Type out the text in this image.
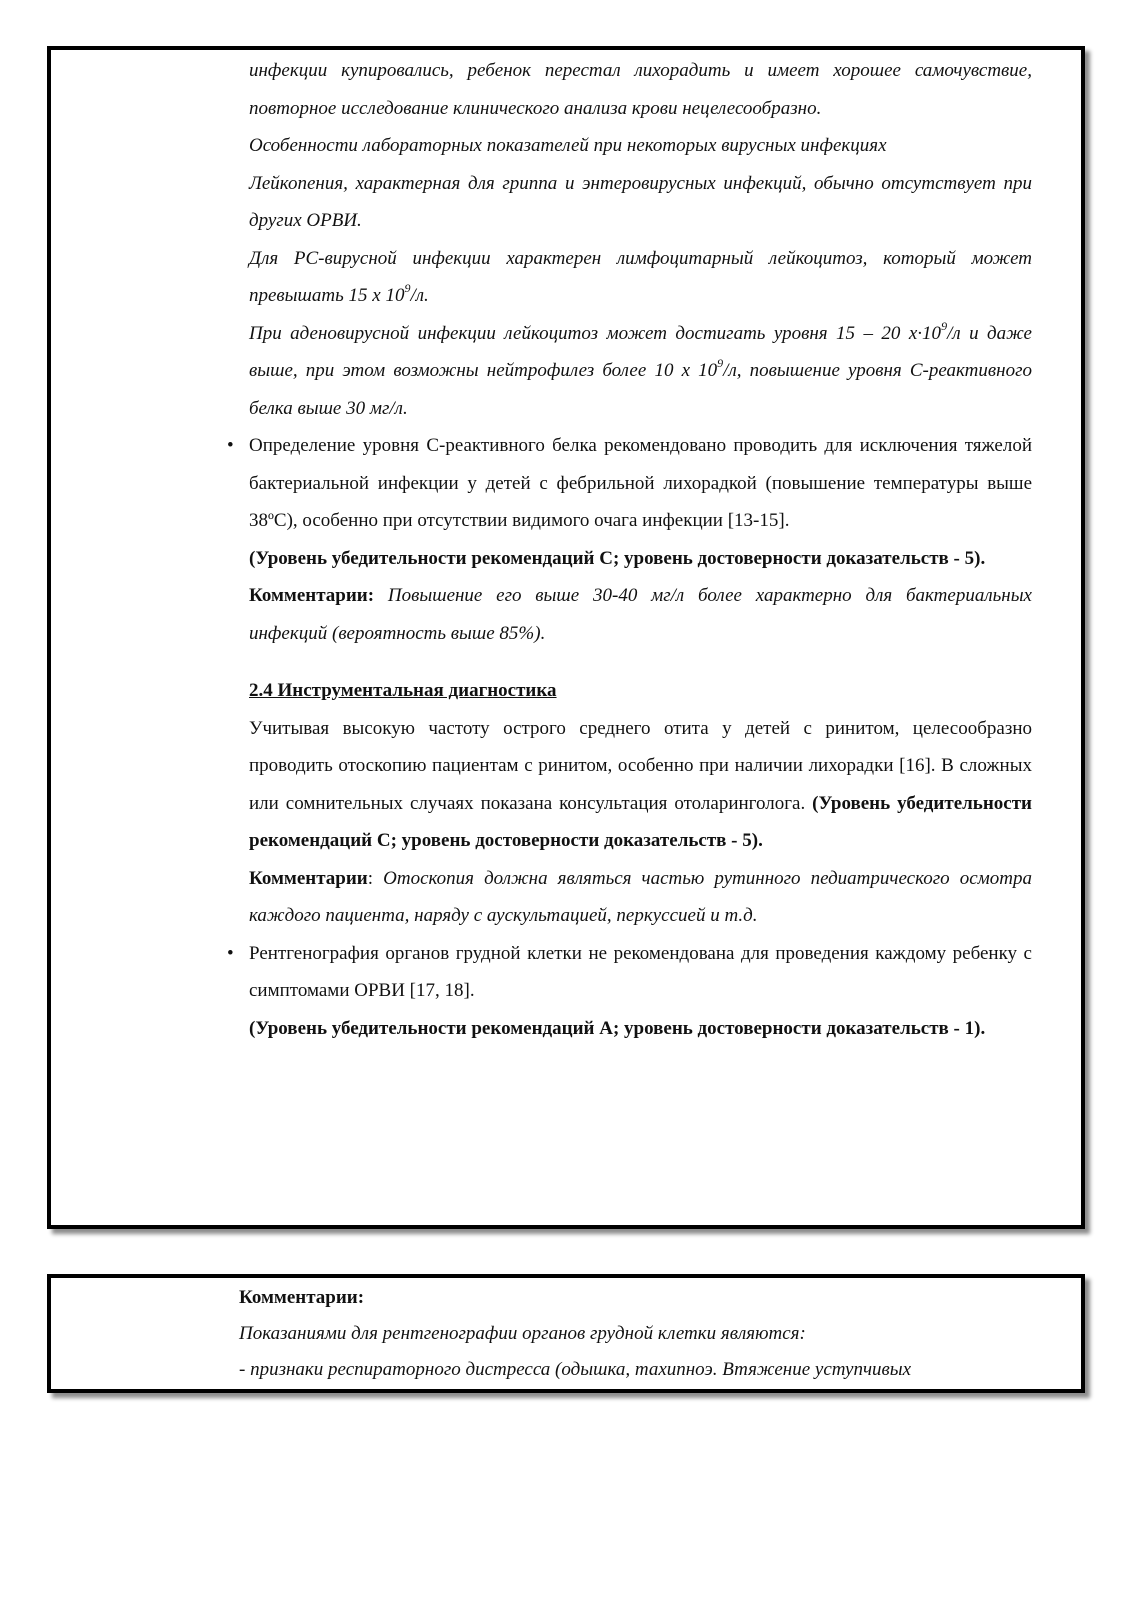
инфекции купировались, ребенок перестал лихорадить и имеет хорошее самочувствие, повторное исследование клинического анализа крови нецелесообразно.

Особенности лабораторных показателей при некоторых вирусных инфекциях

Лейкопения, характерная для гриппа и энтеровирусных инфекций, обычно отсутствует при других ОРВИ.

Для РС-вирусной инфекции характерен лимфоцитарный лейкоцитоз, который может превышать 15 х $10^9/л$.

При аденовирусной инфекции лейкоцитоз может достигать уровня 15 – 20 $х\cdot 10^9/л$ и даже выше, при этом возможны нейтрофилез более 10 х $10^9/л$, повышение уровня С-реактивного белка выше 30 мг/л.

• Определение уровня С-реактивного белка рекомендовано проводить для исключения тяжелой бактериальной инфекции у детей с фебрильной лихорадкой (повышение температуры выше 38ºС), особенно при отсутствии видимого очага инфекции [13-15].

(Уровень убедительности рекомендаций С; уровень достоверности доказательств - 5).

Комментарии: Повышение его выше 30-40 мг/л более характерно для бактериальных инфекций (вероятность выше 85%).

2.4 Инструментальная диагностика

Учитывая высокую частоту острого среднего отита у детей с ринитом, целесообразно проводить отоскопию пациентам с ринитом, особенно при наличии лихорадки [16]. В сложных или сомнительных случаях показана консультация отоларинголога. (Уровень убедительности рекомендаций С; уровень достоверности доказательств - 5).

Комментарии: Отоскопия должна являться частью рутинного педиатрического осмотра каждого пациента, наряду с аускультацией, перкуссией и т.д.

• Рентгенография органов грудной клетки не рекомендована для проведения каждому ребенку с симптомами ОРВИ [17, 18].

(Уровень убедительности рекомендаций А; уровень достоверности доказательств - 1).

Комментарии:

Показаниями для рентгенографии органов грудной клетки являются:

- признаки респираторного дистресса (одышка, тахипноэ. Втяжение уступчивых
